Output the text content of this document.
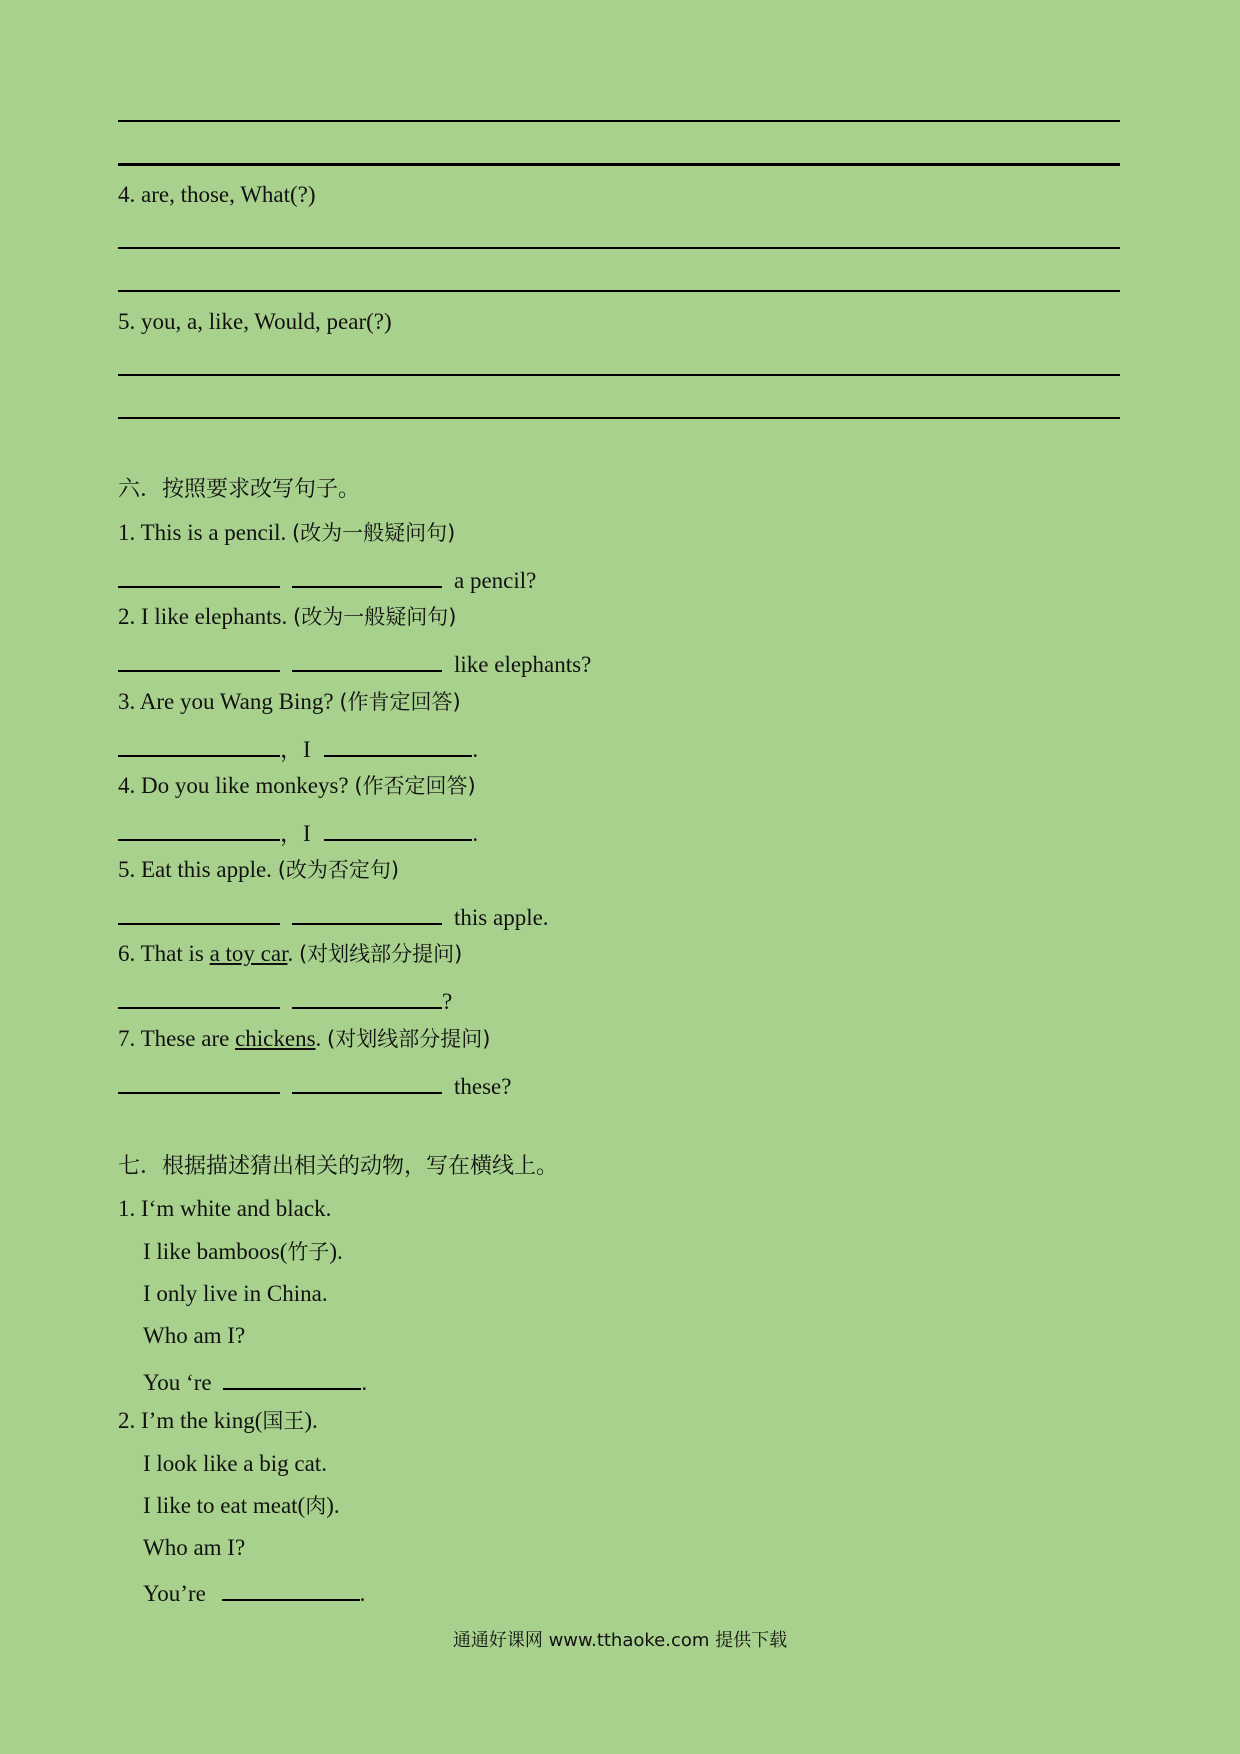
4. are, those, What(?)
5. you, a, like, Would, pear(?)
六．按照要求改写句子。
1. This is a pencil. (改为一般疑问句)
a pencil?
2. I like elephants. (改为一般疑问句)
like elephants?
3. Are you Wang Bing? (作肯定回答)
，I	.
4. Do you like monkeys? (作否定回答)
，I	.
5. Eat this apple. (改为否定句)
this apple.
6. That is a toy car. (对划线部分提问)
?
7. These are chickens. (对划线部分提问)
these?
七．根据描述猜出相关的动物，写在横线上。
1. I‘m white and black.
I like bamboos(竹子).
I only live in China.
Who am I?
You ‘re	.
2. I’m the king(国王).
I look like a big cat.
I like to eat meat(肉).
Who am I?
You’re	.
通通好课网 www.tthaoke.com 提供下载
